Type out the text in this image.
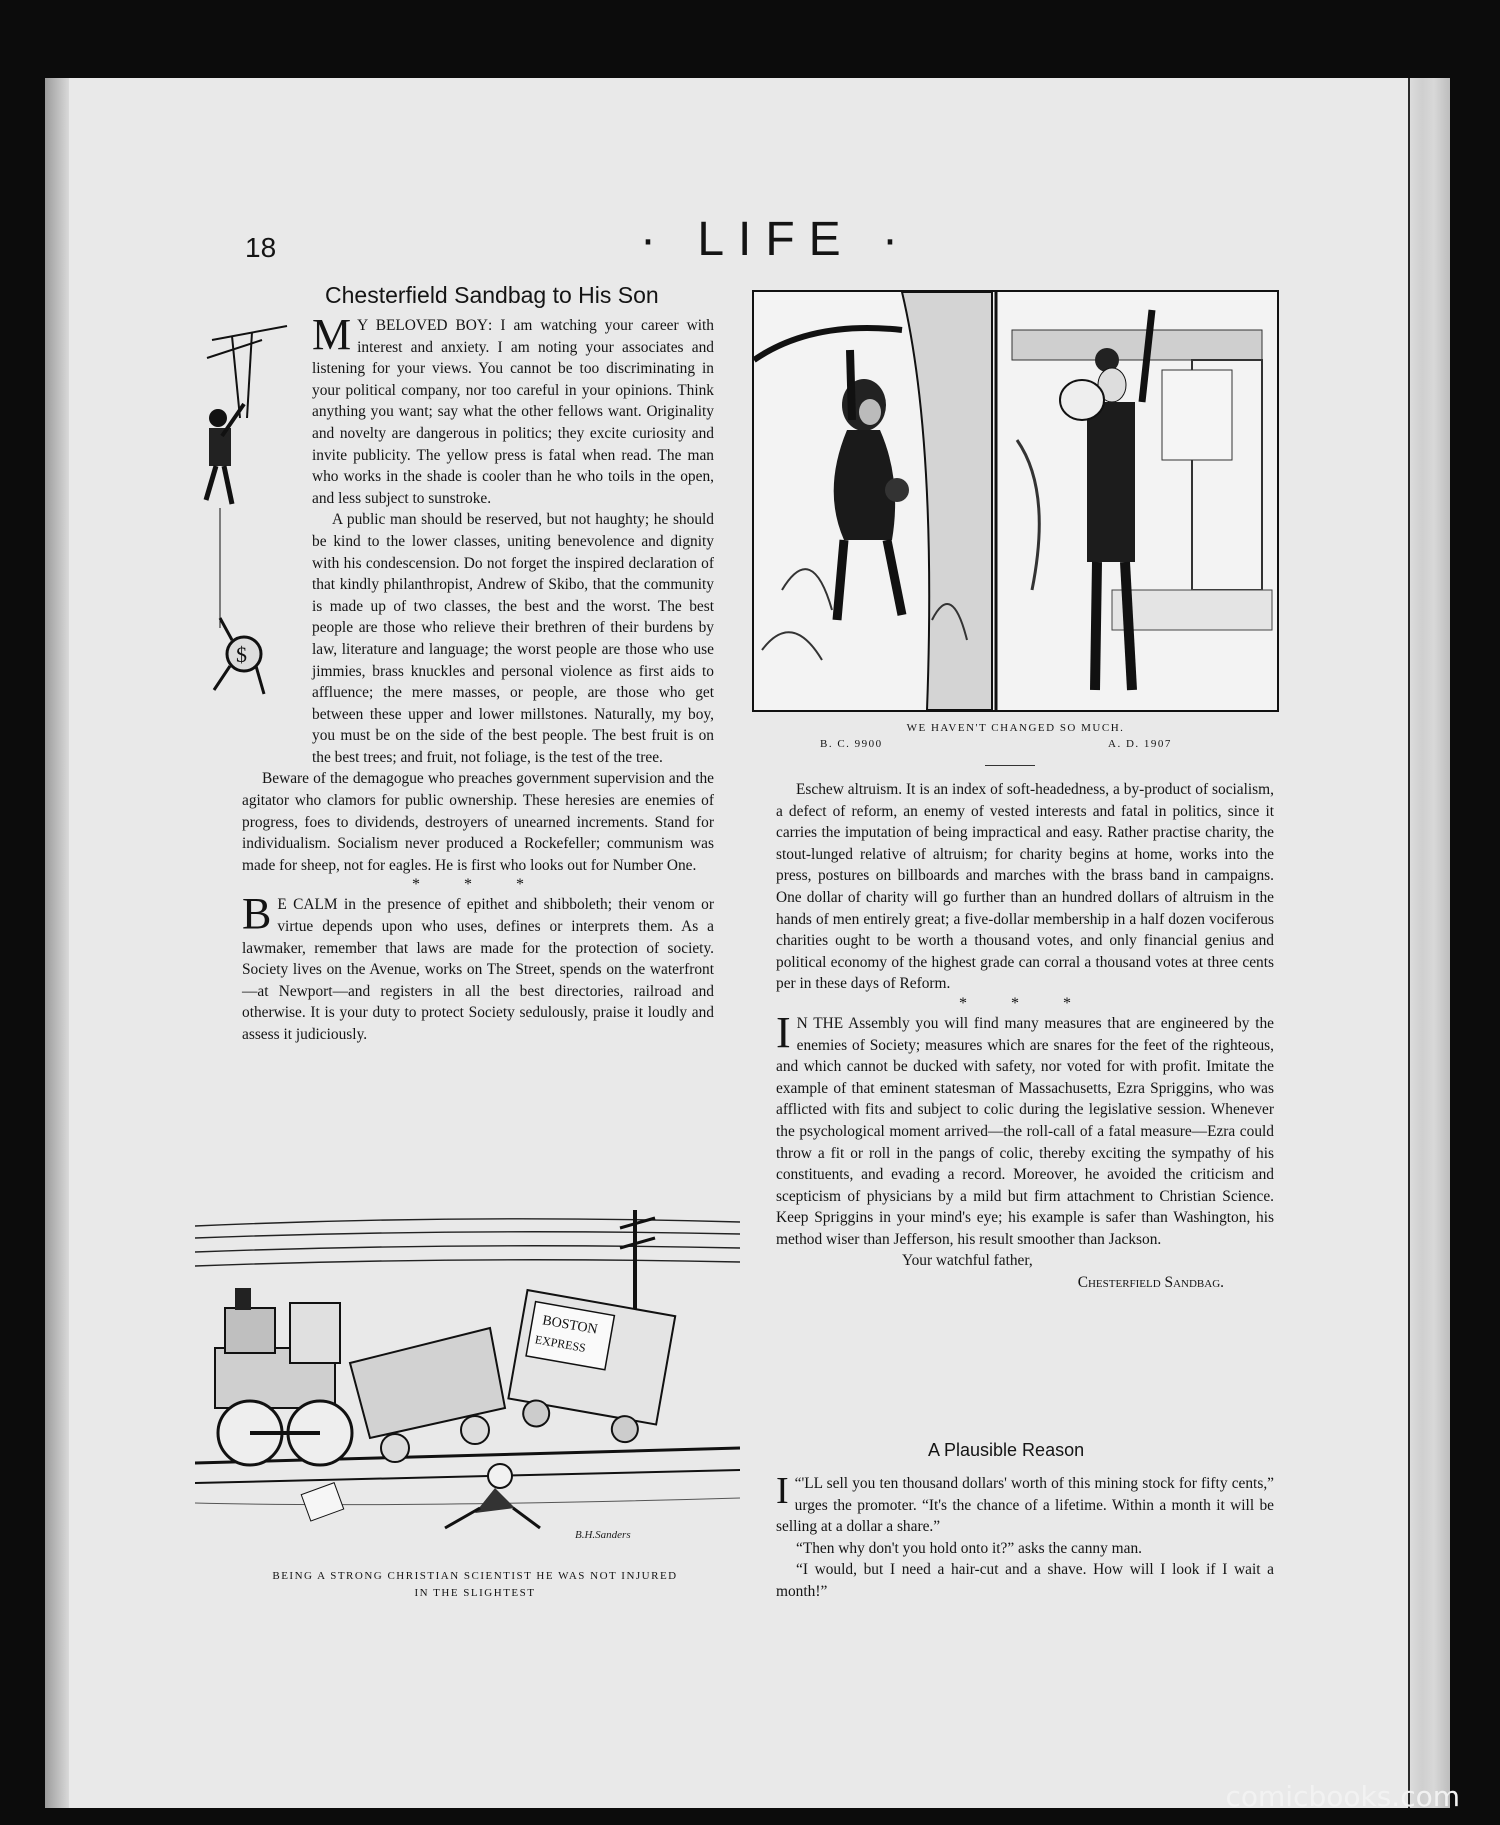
18	· LIFE ·
Chesterfield Sandbag to His Son
$

M Y BELOVED BOY: I am watching your career with interest and anxiety. I am noting your associates and listening for your views. You cannot be too discriminating in your political company, nor too careful in your opinions. Think anything you want; say what the other fellows want. Originality and novelty are dangerous in politics; they excite curiosity and invite publicity. The yellow press is fatal when read. The man who works in the shade is cooler than he who toils in the open, and less subject to sunstroke.

A public man should be reserved, but not haughty; he should be kind to the lower classes, uniting benevolence and dignity with his condescension. Do not forget the inspired declaration of that kindly philanthropist, Andrew of Skibo, that the community is made up of two classes, the best and the worst. The best people are those who relieve their brethren of their burdens by law, literature and language; the worst people are those who use jimmies, brass knuckles and personal violence as first aids to affluence; the mere masses, or people, are those who get between these upper and lower millstones. Naturally, my boy, you must be on the side of the best people. The best fruit is on the best trees; and fruit, not foliage, is the test of the tree.

Beware of the demagogue who preaches government supervision and the agitator who clamors for public ownership. These heresies are enemies of progress, foes to dividends, destroyers of unearned increments. Stand for individualism. Socialism never produced a Rockefeller; communism was made for sheep, not for eagles. He is first who looks out for Number One.

* * *

B E CALM in the presence of epithet and shibboleth; their venom or virtue depends upon who uses, defines or interprets them. As a lawmaker, remember that laws are made for the protection of society. Society lives on the Avenue, works on The Street, spends on the waterfront—at Newport—and registers in all the best directories, railroad and otherwise. It is your duty to protect Society sedulously, praise it loudly and assess it judiciously.

WE HAVEN'T CHANGED SO MUCH.
B. C. 9900	A. D. 1907

Eschew altruism. It is an index of soft-headedness, a by-product of socialism, a defect of reform, an enemy of vested interests and fatal in politics, since it carries the imputation of being impractical and easy. Rather practise charity, the stout-lunged relative of altruism; for charity begins at home, works into the press, postures on billboards and marches with the brass band in campaigns. One dollar of charity will go further than an hundred dollars of altruism in the hands of men entirely great; a five-dollar membership in a half dozen vociferous charities ought to be worth a thousand votes, and only financial genius and political economy of the highest grade can corral a thousand votes at three cents per in these days of Reform.

* * *

I N THE Assembly you will find many measures that are engineered by the enemies of Society; measures which are snares for the feet of the righteous, and which cannot be ducked with safety, nor voted for with profit. Imitate the example of that eminent statesman of Massachusetts, Ezra Spriggins, who was afflicted with fits and subject to colic during the legislative session. Whenever the psychological moment arrived—the roll-call of a fatal measure—Ezra could throw a fit or roll in the pangs of colic, thereby exciting the sympathy of his constituents, and evading a record. Moreover, he avoided the criticism and scepticism of physicians by a mild but firm attachment to Christian Science. Keep Spriggins in your mind's eye; his example is safer than Washington, his method wiser than Jefferson, his result smoother than Jackson.

Your watchful father,

Chesterfield Sandbag.

A Plausible Reason

“
I 'LL sell you ten thousand dollars' worth of this mining stock for fifty cents,” urges the promoter. “It's the chance of a lifetime. Within a month it will be selling at a dollar a share.”

“Then why don't you hold onto it?” asks the canny man.

“I would, but I need a hair-cut and a shave. How will I look if I wait a month!”

BOSTON
EXPRESS
B.H.Sanders
BEING A STRONG CHRISTIAN SCIENTIST HE WAS NOT INJURED
IN THE SLIGHTEST
comicbooks.com
